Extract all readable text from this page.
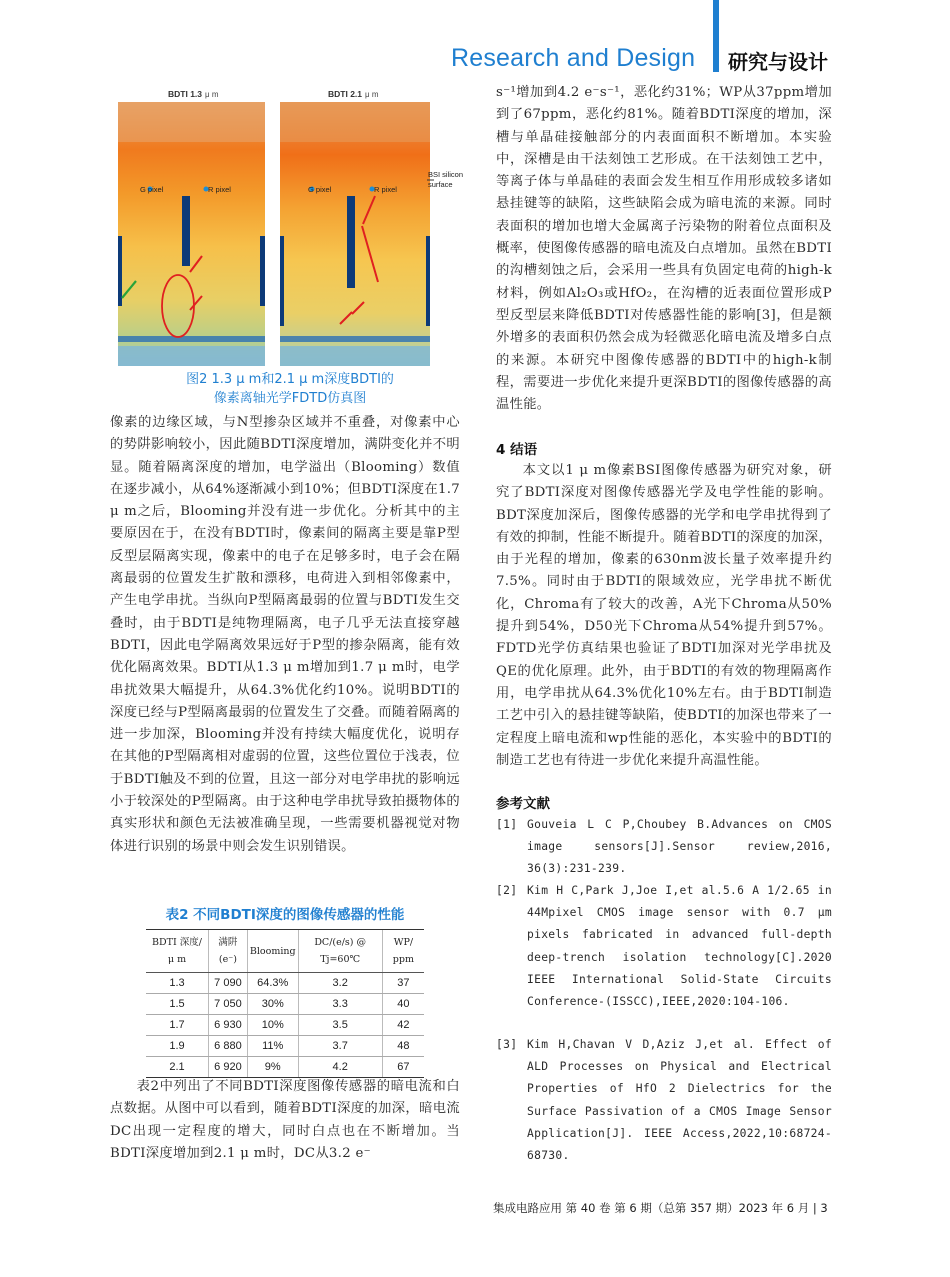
Research and Design 研究与设计
BDTI 1.3 μ m	BDTI 2.1 μ m
G pixel	R pixel	G pixel	R pixel
BSI silicon surface
图2 1.3 μ m和2.1 μ m深度BDTI的
像素离轴光学FDTD仿真图

像素的边缘区域，与N型掺杂区域并不重叠，对像素中心的势阱影响较小，因此随BDTI深度增加，满阱变化并不明显。随着隔离深度的增加，电学溢出（Blooming）数值在逐步减小，从64%逐渐减小到10%；但BDTI深度在1.7 μ m之后，Blooming并没有进一步优化。分析其中的主要原因在于，在没有BDTI时，像素间的隔离主要是靠P型反型层隔离实现，像素中的电子在足够多时，电子会在隔离最弱的位置发生扩散和漂移，电荷进入到相邻像素中，产生电学串扰。当纵向P型隔离最弱的位置与BDTI发生交叠时，由于BDTI是纯物理隔离，电子几乎无法直接穿越BDTI，因此电学隔离效果远好于P型的掺杂隔离，能有效优化隔离效果。BDTI从1.3 μ m增加到1.7 μ m时，电学串扰效果大幅提升，从64.3%优化约10%。说明BDTI的深度已经与P型隔离最弱的位置发生了交叠。而随着隔离的进一步加深，Blooming并没有持续大幅度优化，说明存在其他的P型隔离相对虚弱的位置，这些位置位于浅表，位于BDTI触及不到的位置，且这一部分对电学串扰的影响远小于较深处的P型隔离。由于这种电学串扰导致拍摄物体的真实形状和颜色无法被准确呈现，一些需要机器视觉对物体进行识别的场景中则会发生识别错误。

表2 不同BDTI深度的图像传感器的性能
BDTI 深度/ μ m	满阱 (e⁻)	Blooming	DC/(e/s) @ Tj=60℃	WP/ ppm
1.3	7 090	64.3%	3.2	37
1.5	7 050	30%	3.3	40
1.7	6 930	10%	3.5	42
1.9	6 880	11%	3.7	48
2.1	6 920	9%	4.2	67

表2中列出了不同BDTI深度图像传感器的暗电流和白点数据。从图中可以看到，随着BDTI深度的加深，暗电流DC出现一定程度的增大，同时白点也在不断增加。当BDTI深度增加到2.1 μ m时，DC从3.2 e⁻

s⁻¹增加到4.2 e⁻s⁻¹，恶化约31%；WP从37ppm增加到了67ppm，恶化约81%。随着BDTI深度的增加，深槽与单晶硅接触部分的内表面面积不断增加。本实验中，深槽是由干法刻蚀工艺形成。在干法刻蚀工艺中，等离子体与单晶硅的表面会发生相互作用形成较多诸如悬挂键等的缺陷，这些缺陷会成为暗电流的来源。同时表面积的增加也增大金属离子污染物的附着位点面积及概率，使图像传感器的暗电流及白点增加。虽然在BDTI的沟槽刻蚀之后，会采用一些具有负固定电荷的high-k材料，例如Al₂O₃或HfO₂，在沟槽的近表面位置形成P型反型层来降低BDTI对传感器性能的影响[3]，但是额外增多的表面积仍然会成为轻微恶化暗电流及增多白点的来源。本研究中图像传感器的BDTI中的high-k制程，需要进一步优化来提升更深BDTI的图像传感器的高温性能。

4 结语

本文以1 μ m像素BSI图像传感器为研究对象，研究了BDTI深度对图像传感器光学及电学性能的影响。BDT深度加深后，图像传感器的光学和电学串扰得到了有效的抑制，性能不断提升。随着BDTI的深度的加深，由于光程的增加，像素的630nm波长量子效率提升约7.5%。同时由于BDTI的限域效应，光学串扰不断优化，Chroma有了较大的改善，A光下Chroma从50%提升到54%，D50光下Chroma从54%提升到57%。FDTD光学仿真结果也验证了BDTI加深对光学串扰及QE的优化原理。此外，由于BDTI的有效的物理隔离作用，电学串扰从64.3%优化10%左右。由于BDTI制造工艺中引入的悬挂键等缺陷，使BDTI的加深也带来了一定程度上暗电流和wp性能的恶化，本实验中的BDTI的制造工艺也有待进一步优化来提升高温性能。

参考文献
[1] Gouveia L C P,Choubey B.Advances on CMOS image sensors[J].Sensor review,2016, 36(3):231-239.
[2] Kim H C,Park J,Joe I,et al.5.6 A 1/2.65 in 44Mpixel CMOS image sensor with 0.7 μm pixels fabricated in advanced full-depth deep-trench isolation technology[C].2020 IEEE International Solid-State Circuits Conference-(ISSCC),IEEE,2020:104-106.
[3] Kim H,Chavan V D,Aziz J,et al. Effect of ALD Processes on Physical and Electrical Properties of HfO 2 Dielectrics for the Surface Passivation of a CMOS Image Sensor Application[J]. IEEE Access,2022,10:68724-68730.
集成电路应用 第 40 卷 第 6 期（总第 357 期）2023 年 6 月 | 3
